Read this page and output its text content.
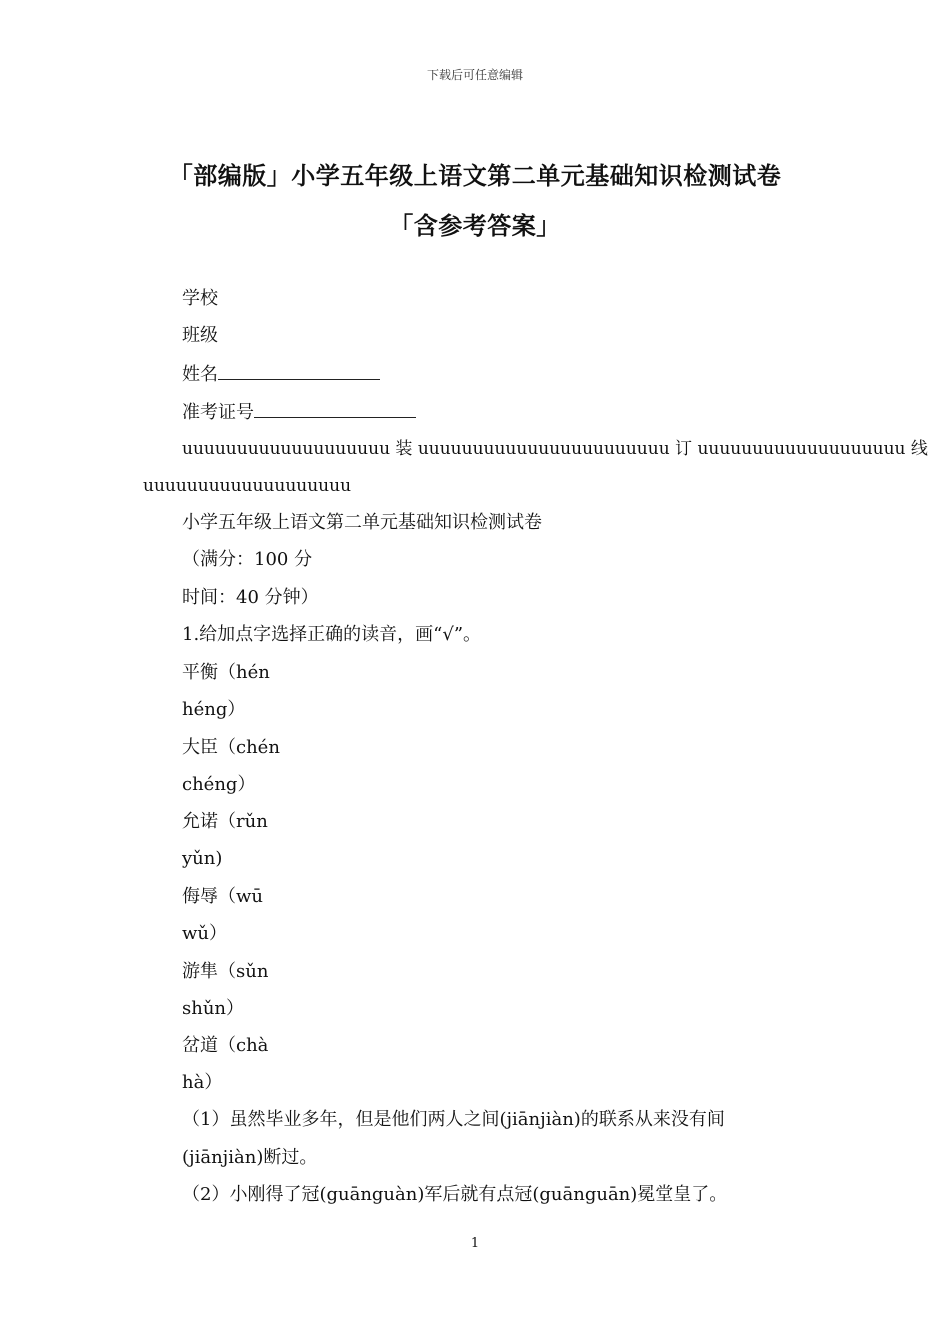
下载后可任意编辑
「部编版」小学五年级上语文第二单元基础知识检测试卷
「含参考答案」
学校
班级
姓名
准考证号
uuuuuuuuuuuuuuuuuuu 装 uuuuuuuuuuuuuuuuuuuuuuu 订 uuuuuuuuuuuuuuuuuuu 线
uuuuuuuuuuuuuuuuuuu
小学五年级上语文第二单元基础知识检测试卷
（满分：100 分
时间：40 分钟）
1.给加点字选择正确的读音，画“√”。
平衡（hén
héng）
大臣（chén
chéng）
允诺（rǔn
yǔn)
侮辱（wū
wǔ）
游隼（sǔn
shǔn）
岔道（chà
hà）
（1）虽然毕业多年，但是他们两人之间(jiānjiàn)的联系从来没有间
(jiānjiàn)断过。
（2）小刚得了冠(guānguàn)军后就有点冠(guānguān)冕堂皇了。
1
